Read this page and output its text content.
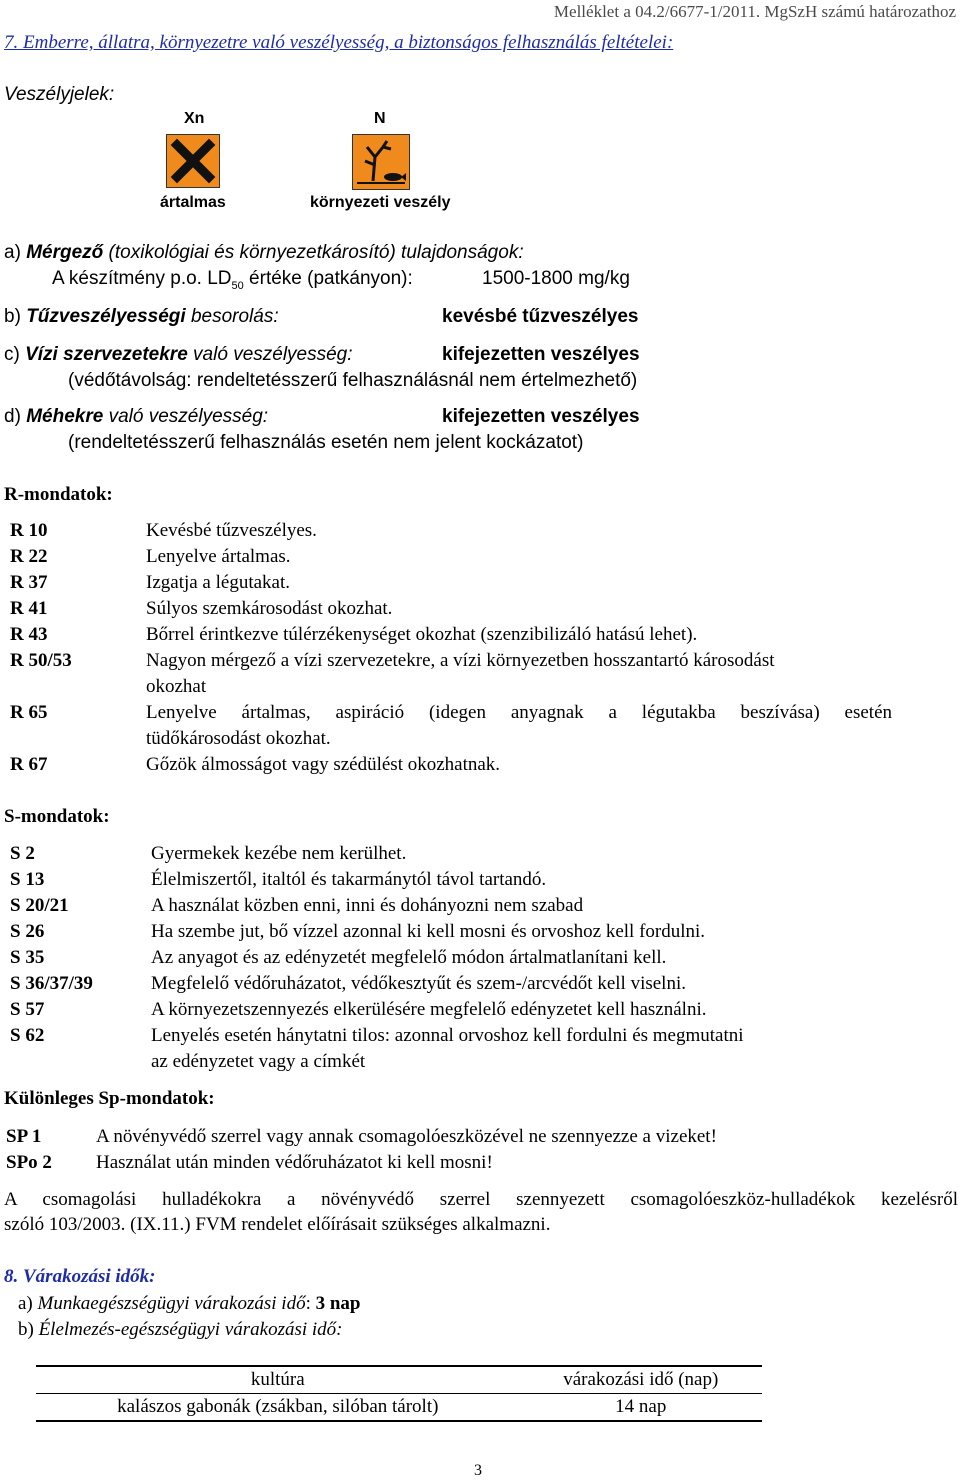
Melléklet a 04.2/6677-1/2011. MgSzH számú határozathoz
7. Emberre, állatra, környezetre való veszélyesség, a biztonságos felhasználás feltételei:
Veszélyjelek:
Xn
ártalmas
N
környezeti veszély
a) Mérgező (toxikológiai és környezetkárosító) tulajdonságok:
A készítmény p.o. $LD_{50}$ értéke (patkányon):	1500-1800 mg/kg
b) Tűzveszélyességi besorolás:	kevésbé tűzveszélyes
c) Vízi szervezetekre való veszélyesség:	kifejezetten veszélyes
(védőtávolság: rendeltetésszerű felhasználásnál nem értelmezhető)
d) Méhekre való veszélyesség:	kifejezetten veszélyes
(rendeltetésszerű felhasználás esetén nem jelent kockázatot)
R-mondatok:
R 10	Kevésbé tűzveszélyes.
R 22	Lenyelve ártalmas.
R 37	Izgatja a légutakat.
R 41	Súlyos szemkárosodást okozhat.
R 43	Bőrrel érintkezve túlérzékenységet okozhat (szenzibilizáló hatású lehet).
R 50/53	Nagyon mérgező a vízi szervezetekre, a vízi környezetben hosszantartó károsodást
okozhat
R 65	Lenyelve ártalmas, aspiráció (idegen anyagnak a légutakba beszívása) esetén
tüdőkárosodást okozhat.
R 67	Gőzök álmosságot vagy szédülést okozhatnak.
S-mondatok:
S 2	Gyermekek kezébe nem kerülhet.
S 13	Élelmiszertől, italtól és takarmánytól távol tartandó.
S 20/21	A használat közben enni, inni és dohányozni nem szabad
S 26	Ha szembe jut, bő vízzel azonnal ki kell mosni és orvoshoz kell fordulni.
S 35	Az anyagot és az edényzetét megfelelő módon ártalmatlanítani kell.
S 36/37/39	Megfelelő védőruházatot, védőkesztyűt és szem-/arcvédőt kell viselni.
S 57	A környezetszennyezés elkerülésére megfelelő edényzetet kell használni.
S 62	Lenyelés esetén hánytatni tilos: azonnal orvoshoz kell fordulni és megmutatni
az edényzetet vagy a címkét
Különleges Sp-mondatok:
SP 1	A növényvédő szerrel vagy annak csomagolóeszközével ne szennyezze a vizeket!
SPo 2 Használat után minden védőruházatot ki kell mosni!
A csomagolási hulladékokra a növényvédő szerrel szennyezett csomagolóeszköz-hulladékok kezelésről
szóló 103/2003. (IX.11.) FVM rendelet előírásait szükséges alkalmazni.
8. Várakozási idők:
a) Munkaegészségügyi várakozási idő: 3 nap
b) Élelmezés-egészségügyi várakozási idő:
kultúra	várakozási idő (nap)
kalászos gabonák (zsákban, silóban tárolt)	14 nap
3
